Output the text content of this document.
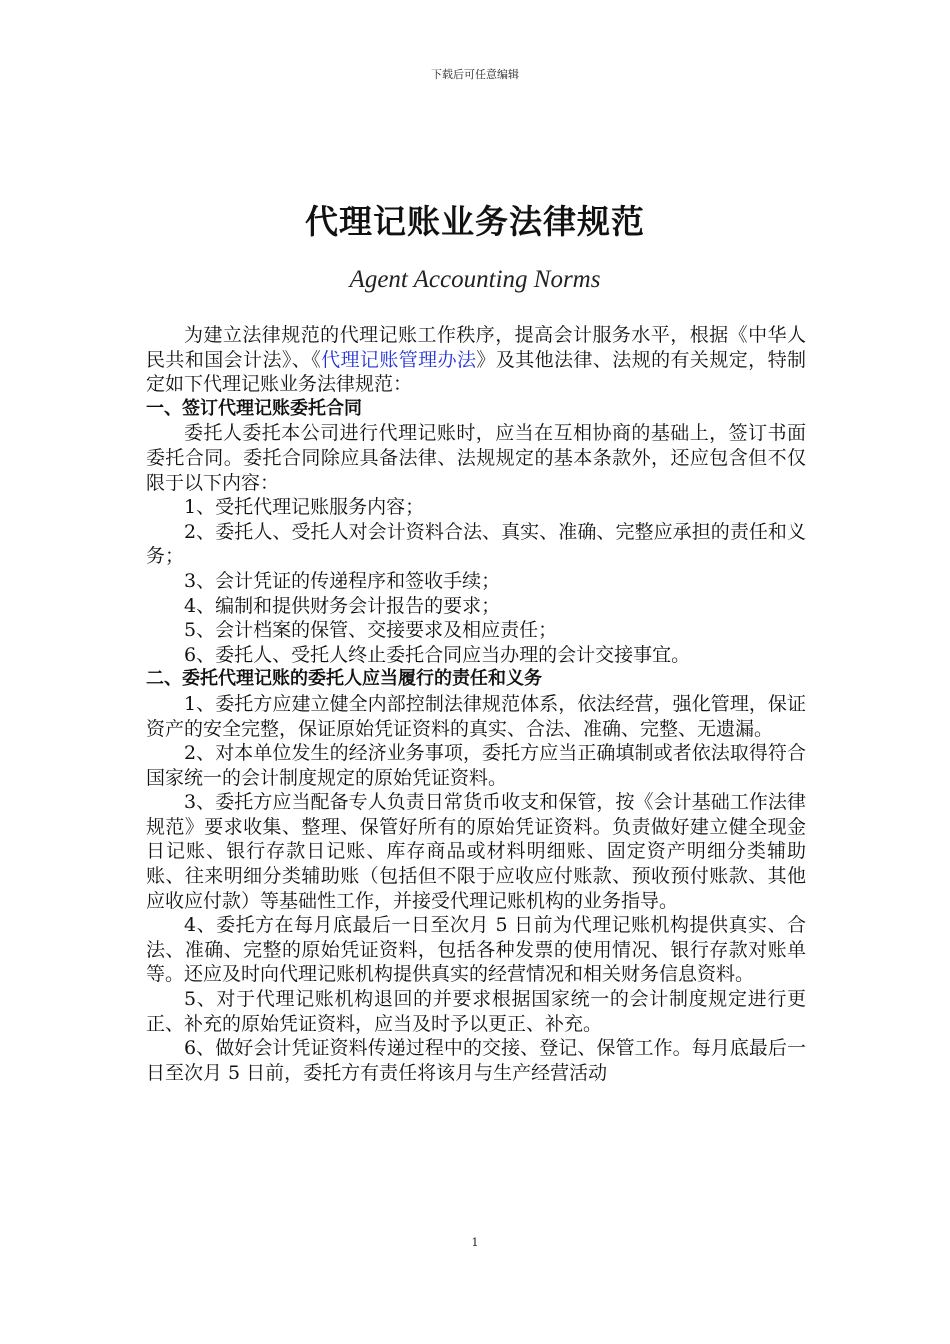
下载后可任意编辑
代理记账业务法律规范
Agent Accounting Norms

为建立法律规范的代理记账工作秩序，提高会计服务水平，根据《中华人民共和国会计法》、《代理记账管理办法》及其他法律、法规的有关规定，特制定如下代理记账业务法律规范：

一、签订代理记账委托合同

委托人委托本公司进行代理记账时，应当在互相协商的基础上，签订书面委托合同。委托合同除应具备法律、法规规定的基本条款外，还应包含但不仅限于以下内容：

1、受托代理记账服务内容；

2、委托人、受托人对会计资料合法、真实、准确、完整应承担的责任和义务；

3、会计凭证的传递程序和签收手续；

4、编制和提供财务会计报告的要求；

5、会计档案的保管、交接要求及相应责任；

6、委托人、受托人终止委托合同应当办理的会计交接事宜。

二、委托代理记账的委托人应当履行的责任和义务

1、委托方应建立健全内部控制法律规范体系，依法经营，强化管理，保证资产的安全完整，保证原始凭证资料的真实、合法、准确、完整、无遗漏。

2、对本单位发生的经济业务事项，委托方应当正确填制或者依法取得符合国家统一的会计制度规定的原始凭证资料。

3、委托方应当配备专人负责日常货币收支和保管，按《会计基础工作法律规范》要求收集、整理、保管好所有的原始凭证资料。负责做好建立健全现金日记账、银行存款日记账、库存商品或材料明细账、固定资产明细分类辅助账、往来明细分类辅助账（包括但不限于应收应付账款、预收预付账款、其他应收应付款）等基础性工作，并接受代理记账机构的业务指导。

4、委托方在每月底最后一日至次月 5 日前为代理记账机构提供真实、合法、准确、完整的原始凭证资料，包括各种发票的使用情况、银行存款对账单等。还应及时向代理记账机构提供真实的经营情况和相关财务信息资料。

5、对于代理记账机构退回的并要求根据国家统一的会计制度规定进行更正、补充的原始凭证资料，应当及时予以更正、补充。

6、做好会计凭证资料传递过程中的交接、登记、保管工作。每月底最后一日至次月 5 日前，委托方有责任将该月与生产经营活动

1
